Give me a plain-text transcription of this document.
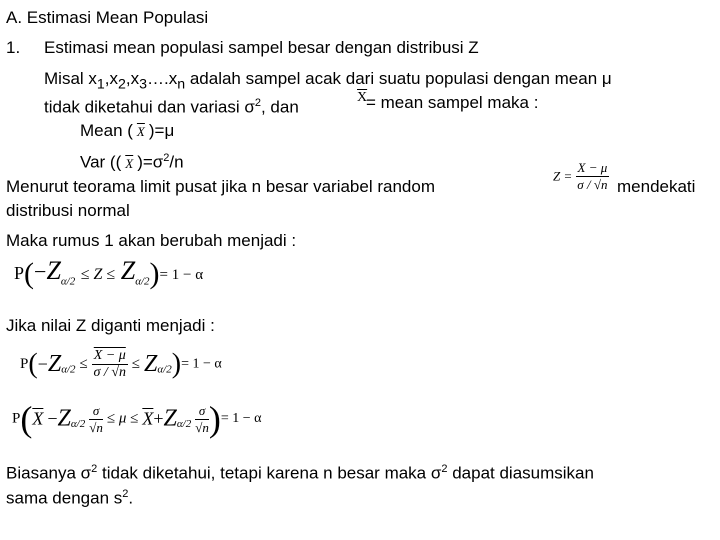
A. Estimasi Mean Populasi
1. Estimasi mean populasi sampel besar dengan distribusi Z
Misal $x_1,x_2,x_3\dots.x_n$ adalah sampel acak dari suatu populasi dengan mean μ
tidak diketahui dan variasi $\sigma^2$, dan
$\overline{X}$
= mean sampel maka :
Mean ( $\overline{X}$ )=μ
Var (( $\overline{X}$ )$=\sigma^2/n$
Menurut teorama limit pusat jika n besar variabel random
$Z = \frac{X - \mu}{\sigma / √n}$ mendekati
distribusi normal
Maka rumus 1 akan berubah menjadi :
$P(-Z_{\alpha/2} \le Z \le Z_{\alpha/2})= 1 - \alpha$
Jika nilai Z diganti menjadi :
$P(-Z_{\alpha/2} \le \frac{X - \mu}{\sigma / √n} \le Z_{\alpha/2})= 1 - \alpha$
$P(\overline{X} -Z_{\alpha/2} \frac{\sigma}{√n} \le \mu \le \overline{X}+Z_{\alpha/2} \frac{\sigma}{√n}$ )= 1 − α
Biasanya $\sigma^2$ tidak diketahui, tetapi karena n besar maka $\sigma^2$ dapat diasumsikan
sama dengan $s^2$.
